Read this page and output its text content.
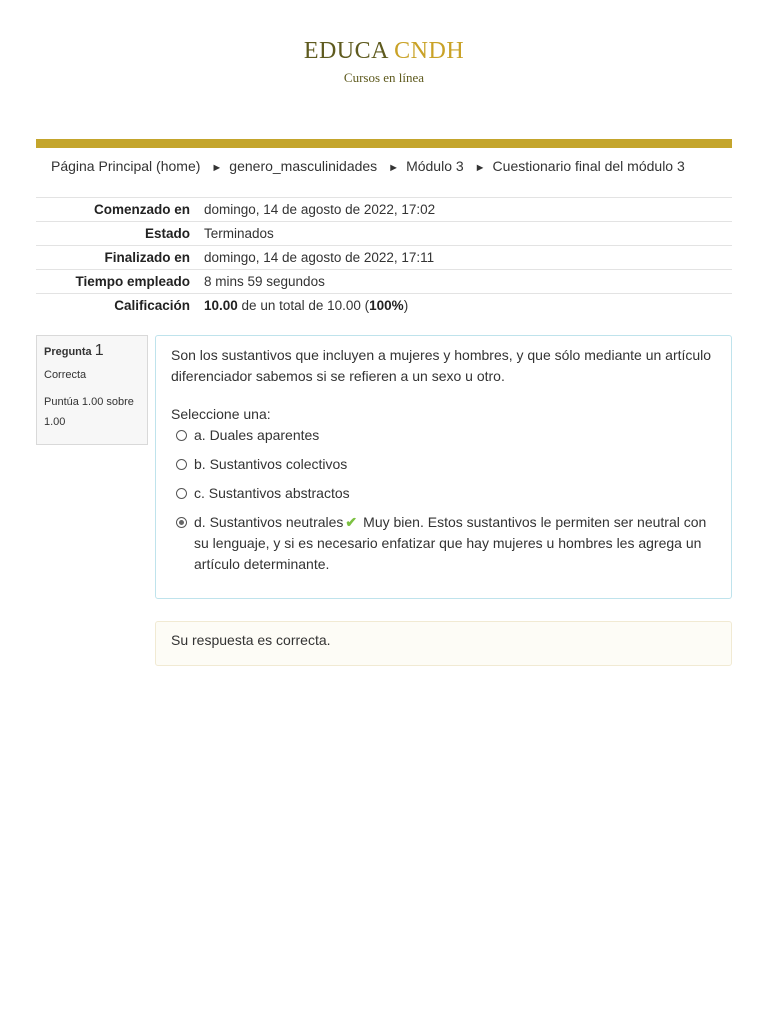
EDUCA CNDH
Cursos en línea
Página Principal (home) ► genero_masculinidades ► Módulo 3 ► Cuestionario final del módulo 3
Comenzado en	domingo, 14 de agosto de 2022, 17:02
Estado	Terminados
Finalizado en	domingo, 14 de agosto de 2022, 17:11
Tiempo empleado	8 mins 59 segundos
Calificación	10.00 de un total de 10.00 (100%)
Pregunta 1
Correcta
Puntúa 1.00 sobre 1.00
Son los sustantivos que incluyen a mujeres y hombres, y que sólo mediante un artículo diferenciador sabemos si se refieren a un sexo u otro.
Seleccione una:
a. Duales aparentes
b. Sustantivos colectivos
c. Sustantivos abstractos
d. Sustantivos neutrales ✔ Muy bien. Estos sustantivos le permiten ser neutral con su lenguaje, y si es necesario enfatizar que hay mujeres u hombres les agrega un artículo determinante.
Su respuesta es correcta.
